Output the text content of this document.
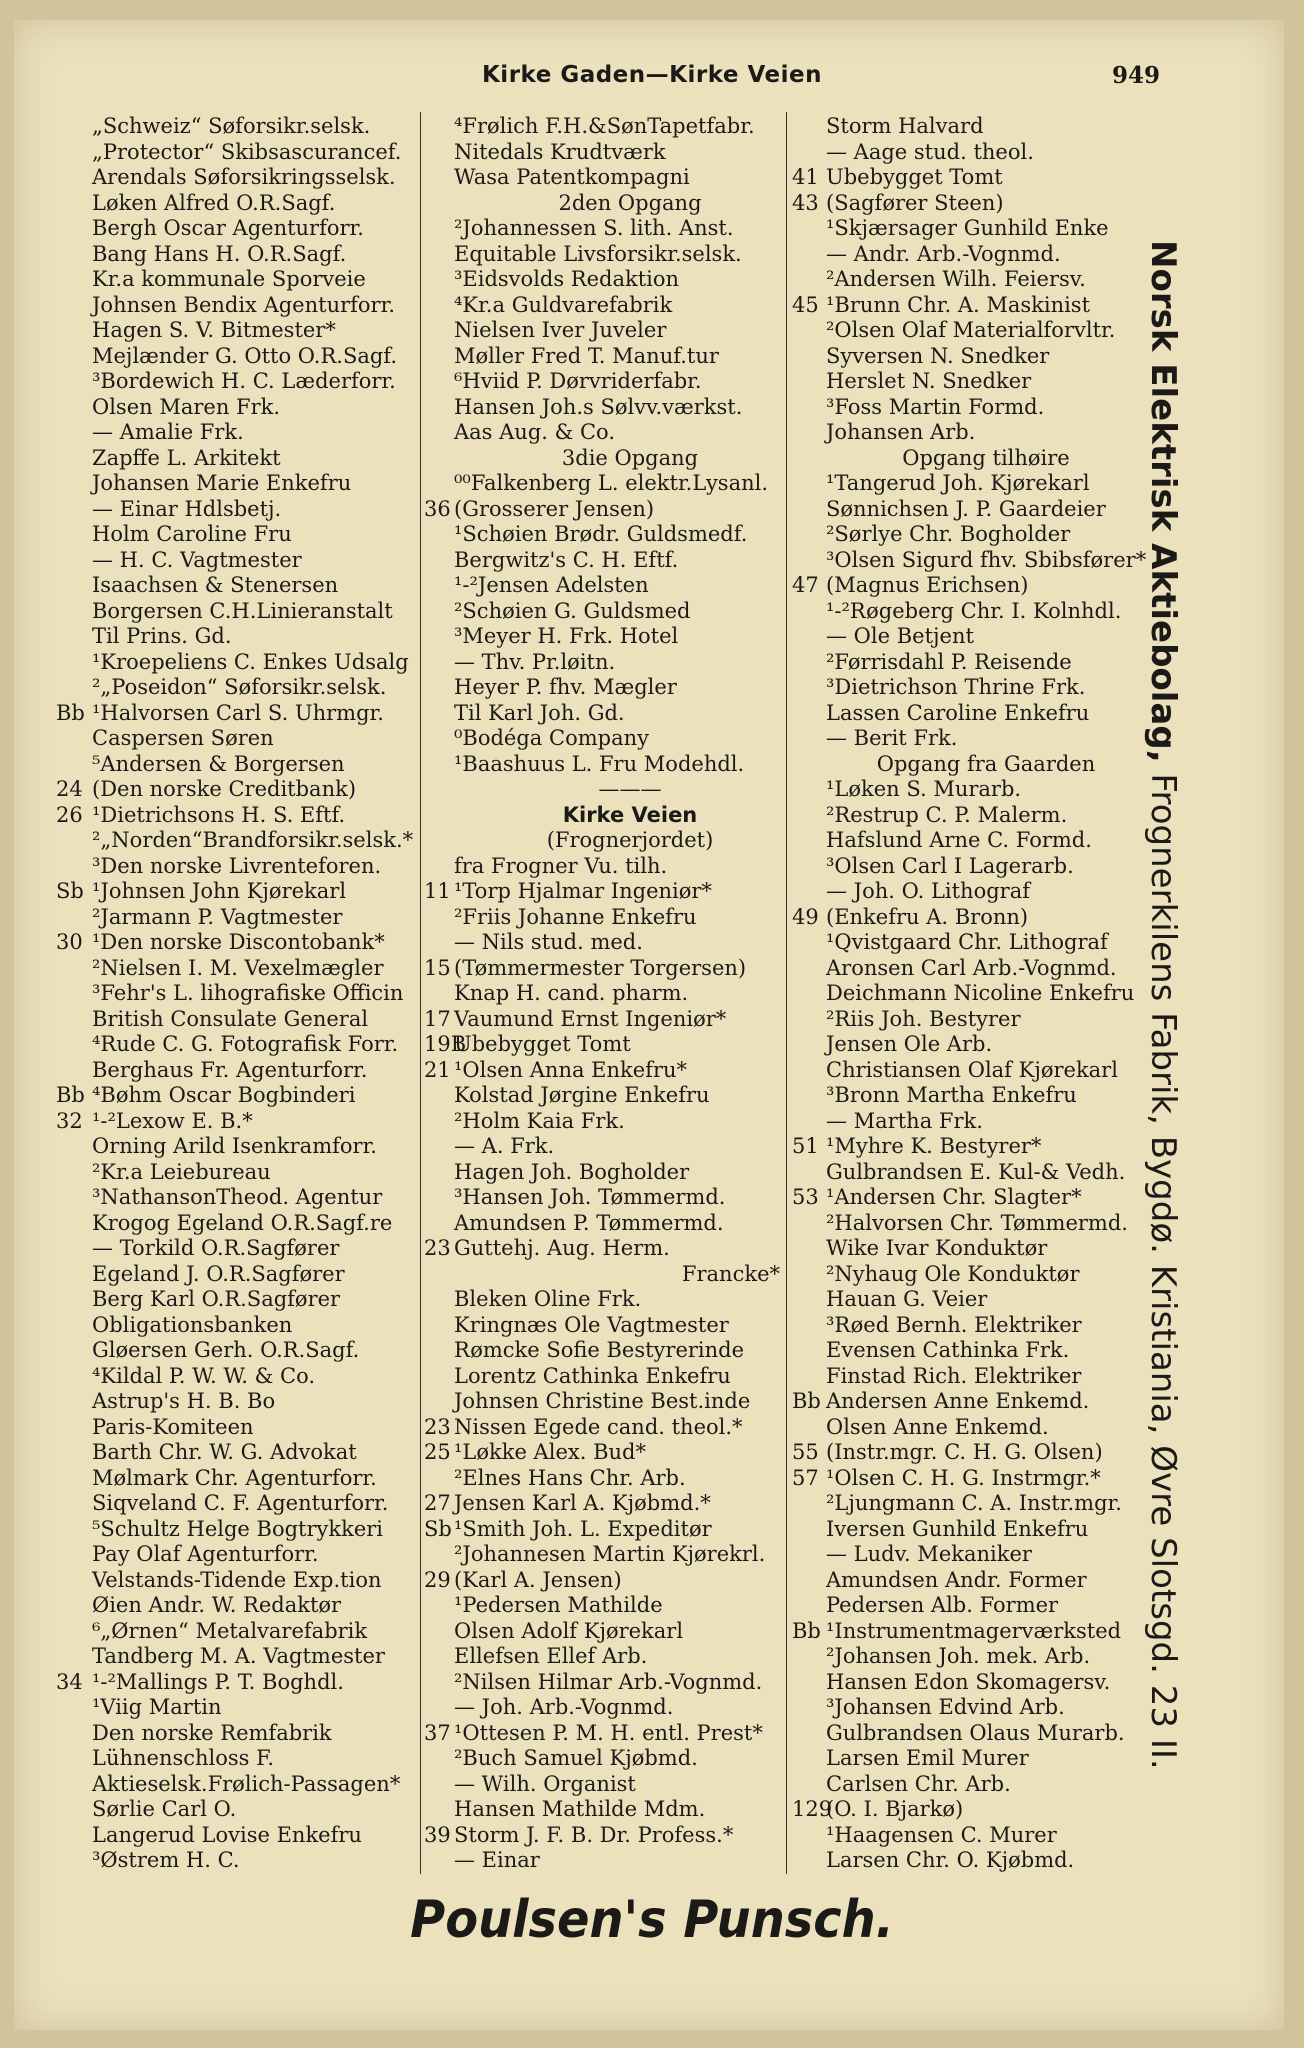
Kirke Gaden—Kirke Veien	949
„Schweiz“ Søforsikr.selsk.
„Protector“ Skibsascurancef.
Arendals Søforsikringsselsk.
Løken Alfred O.R.Sagf.
Bergh Oscar Agenturforr.
Bang Hans H. O.R.Sagf.
Kr.a kommunale Sporveie
Johnsen Bendix Agenturforr.
Hagen S. V. Bitmester*
Mejlænder G. Otto O.R.Sagf.
³Bordewich H. C. Læderforr.
Olsen Maren Frk.
— Amalie Frk.
Zapffe L. Arkitekt
Johansen Marie Enkefru
— Einar Hdlsbetj.
Holm Caroline Fru
— H. C. Vagtmester
Isaachsen & Stenersen
Borgersen C.H.Linieranstalt
Til Prins. Gd.
¹Kroepeliens C. Enkes Udsalg
²„Poseidon“ Søforsikr.selsk.
Bb ¹Halvorsen Carl S. Uhrmgr.
Caspersen Søren
⁵Andersen & Borgersen
24 (Den norske Creditbank)
26 ¹Dietrichsons H. S. Eftf.
²„Norden“Brandforsikr.selsk.*
³Den norske Livrenteforen.
Sb ¹Johnsen John Kjørekarl
²Jarmann P. Vagtmester
30 ¹Den norske Discontobank*
²Nielsen I. M. Vexelmægler
³Fehr's L. lihografiske Officin
British Consulate General
⁴Rude C. G. Fotografisk Forr.
Berghaus Fr. Agenturforr.
Bb ⁴Bøhm Oscar Bogbinderi
32 ¹-²Lexow E. B.*
Orning Arild Isenkramforr.
²Kr.a Leiebureau
³NathansonTheod. Agentur
Krogog Egeland O.R.Sagf.re
— Torkild O.R.Sagfører
Egeland J. O.R.Sagfører
Berg Karl O.R.Sagfører
Obligationsbanken
Gløersen Gerh. O.R.Sagf.
⁴Kildal P. W. W. & Co.
Astrup's H. B. Bo
Paris-Komiteen
Barth Chr. W. G. Advokat
Mølmark Chr. Agenturforr.
Siqveland C. F. Agenturforr.
⁵Schultz Helge Bogtrykkeri
Pay Olaf Agenturforr.
Velstands-Tidende Exp.tion
Øien Andr. W. Redaktør
⁶„Ørnen“ Metalvarefabrik
Tandberg M. A. Vagtmester
34 ¹-²Mallings P. T. Boghdl.
¹Viig Martin
Den norske Remfabrik
Lühnenschloss F.
Aktieselsk.Frølich-Passagen*
Sørlie Carl O.
Langerud Lovise Enkefru
³Østrem H. C.
⁴Frølich F.H.&SønTapetfabr.
Nitedals Krudtværk
Wasa Patentkompagni
2den Opgang
²Johannessen S. lith. Anst.
Equitable Livsforsikr.selsk.
³Eidsvolds Redaktion
⁴Kr.a Guldvarefabrik
Nielsen Iver Juveler
Møller Fred T. Manuf.tur
⁶Hviid P. Dørvriderfabr.
Hansen Joh.s Sølvv.værkst.
Aas Aug. & Co.
3die Opgang
⁰⁰Falkenberg L. elektr.Lysanl.
36 (Grosserer Jensen)
¹Schøien Brødr. Guldsmedf.
Bergwitz's C. H. Eftf.
¹-²Jensen Adelsten
²Schøien G. Guldsmed
³Meyer H. Frk. Hotel
— Thv. Pr.løitn.
Heyer P. fhv. Mægler
Til Karl Joh. Gd.
⁰Bodéga Company
¹Baashuus L. Fru Modehdl.
———
Kirke Veien
(Frognerjordet)
fra Frogner Vu. tilh.
11 ¹Torp Hjalmar Ingeniør*
²Friis Johanne Enkefru
— Nils stud. med.
15 (Tømmermester Torgersen)
Knap H. cand. pharm.
17 Vaumund Ernst Ingeniør*
19B
Ubebygget Tomt
21 ¹Olsen Anna Enkefru*
Kolstad Jørgine Enkefru
²Holm Kaia Frk.
— A. Frk.
Hagen Joh. Bogholder
³Hansen Joh. Tømmermd.
Amundsen P. Tømmermd.
23 Guttehj. Aug. Herm.
Francke*
Bleken Oline Frk.
Kringnæs Ole Vagtmester
Rømcke Sofie Bestyrerinde
Lorentz Cathinka Enkefru
Johnsen Christine Best.inde
23 Nissen Egede cand. theol.*
25 ¹Løkke Alex. Bud*
²Elnes Hans Chr. Arb.
27 Jensen Karl A. Kjøbmd.*
Sb ¹Smith Joh. L. Expeditør
²Johannesen Martin Kjørekrl.
29 (Karl A. Jensen)
¹Pedersen Mathilde
Olsen Adolf Kjørekarl
Ellefsen Ellef Arb.
²Nilsen Hilmar Arb.-Vognmd.
— Joh. Arb.-Vognmd.
37 ¹Ottesen P. M. H. entl. Prest*
²Buch Samuel Kjøbmd.
— Wilh. Organist
Hansen Mathilde Mdm.
39 Storm J. F. B. Dr. Profess.*
— Einar
Storm Halvard
— Aage stud. theol.
41 Ubebygget Tomt
43 (Sagfører Steen)
¹Skjærsager Gunhild Enke
— Andr. Arb.-Vognmd.
²Andersen Wilh. Feiersv.
45 ¹Brunn Chr. A. Maskinist
²Olsen Olaf Materialforvltr.
Syversen N. Snedker
Herslet N. Snedker
³Foss Martin Formd.
Johansen Arb.
Opgang tilhøire
¹Tangerud Joh. Kjørekarl
Sønnichsen J. P. Gaardeier
²Sørlye Chr. Bogholder
³Olsen Sigurd fhv. Sbibsfører*
47 (Magnus Erichsen)
¹-²Røgeberg Chr. I. Kolnhdl.
— Ole Betjent
²Førrisdahl P. Reisende
³Dietrichson Thrine Frk.
Lassen Caroline Enkefru
— Berit Frk.
Opgang fra Gaarden
¹Løken S. Murarb.
²Restrup C. P. Malerm.
Hafslund Arne C. Formd.
³Olsen Carl I Lagerarb.
— Joh. O. Lithograf
49 (Enkefru A. Bronn)
¹Qvistgaard Chr. Lithograf
Aronsen Carl Arb.-Vognmd.
Deichmann Nicoline Enkefru
²Riis Joh. Bestyrer
Jensen Ole Arb.
Christiansen Olaf Kjørekarl
³Bronn Martha Enkefru
— Martha Frk.
51 ¹Myhre K. Bestyrer*
Gulbrandsen E. Kul-& Vedh.
53 ¹Andersen Chr. Slagter*
²Halvorsen Chr. Tømmermd.
Wike Ivar Konduktør
²Nyhaug Ole Konduktør
Hauan G. Veier
³Røed Bernh. Elektriker
Evensen Cathinka Frk.
Finstad Rich. Elektriker
Bb Andersen Anne Enkemd.
Olsen Anne Enkemd.
55 (Instr.mgr. C. H. G. Olsen)
57 ¹Olsen C. H. G. Instrmgr.*
²Ljungmann C. A. Instr.mgr.
Iversen Gunhild Enkefru
— Ludv. Mekaniker
Amundsen Andr. Former
Pedersen Alb. Former
Bb ¹Instrumentmagerværksted
²Johansen Joh. mek. Arb.
Hansen Edon Skomagersv.
³Johansen Edvind Arb.
Gulbrandsen Olaus Murarb.
Larsen Emil Murer
Carlsen Chr. Arb.
129
(O. I. Bjarkø)
¹Haagensen C. Murer
Larsen Chr. O. Kjøbmd.
Norsk Elektrisk Aktiebolag, Frognerkilens Fabrik, Bygdø. Kristiania, Øvre Slotsgd. 23 II.
Poulsen's Punsch.
